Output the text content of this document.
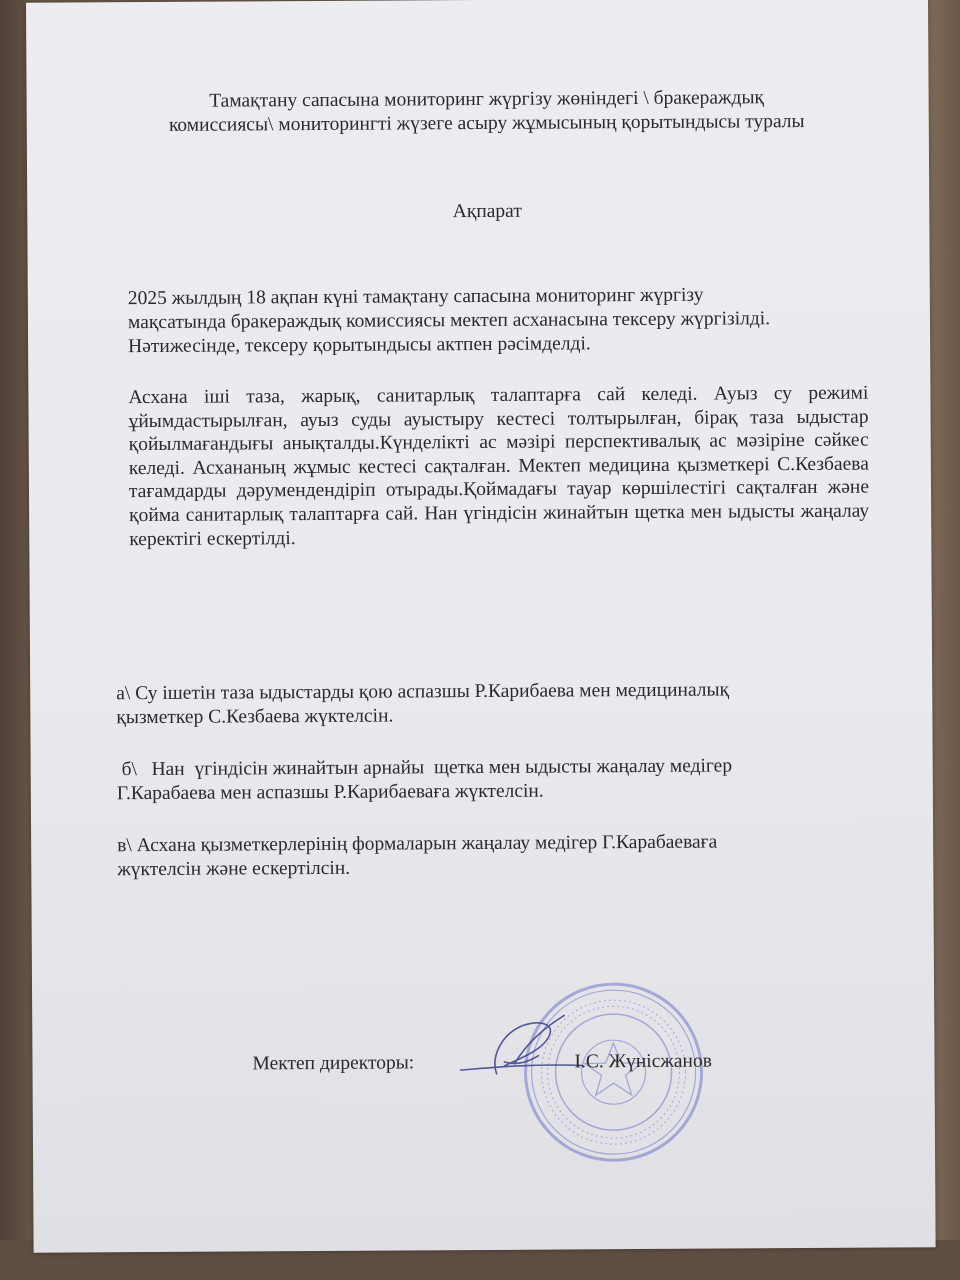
Тамақтану сапасына мониторинг жүргізу жөніндегі \ бракераждық
комиссиясы\ мониторингті жүзеге асыру жұмысының қорытындысы туралы
Ақпарат
2025 жылдың 18 ақпан күні тамақтану сапасына мониторинг жүргізу
мақсатында бракераждық комиссиясы мектеп асханасына тексеру жүргізілді.
Нәтижесінде, тексеру қорытындысы актпен рәсімделді.
Асхана іші таза, жарық, санитарлық талаптарға сай келеді. Ауыз су режимі ұйымдастырылған, ауыз суды ауыстыру кестесі толтырылған, бірақ таза ыдыстар қойылмағандығы анықталды.Күнделікті ас мәзірі перспективалық ас мәзіріне сәйкес келеді. Асхананың жұмыс кестесі сақталған. Мектеп медицина қызметкері С.Кезбаева тағамдарды дәрумендендіріп отырады.Қоймадағы тауар көршілестігі сақталған және қойма санитарлық талаптарға сай. Нан үгіндісін жинайтын щетка мен ыдысты жаңалау керектігі ескертілді.
а\ Су ішетін таза ыдыстарды қою аспазшы Р.Карибаева мен медициналық
қызметкер С.Кезбаева жүктелсін.
б\   Нан  үгіндісін жинайтын арнайы  щетка мен ыдысты жаңалау медігер
Г.Карабаева мен аспазшы Р.Карибаеваға жүктелсін.
в\ Асхана қызметкерлерінің формаларын жаңалау медігер Г.Карабаеваға
жүктелсін және ескертілсін.
Мектеп директоры:	І.С. Жүнісжанов
